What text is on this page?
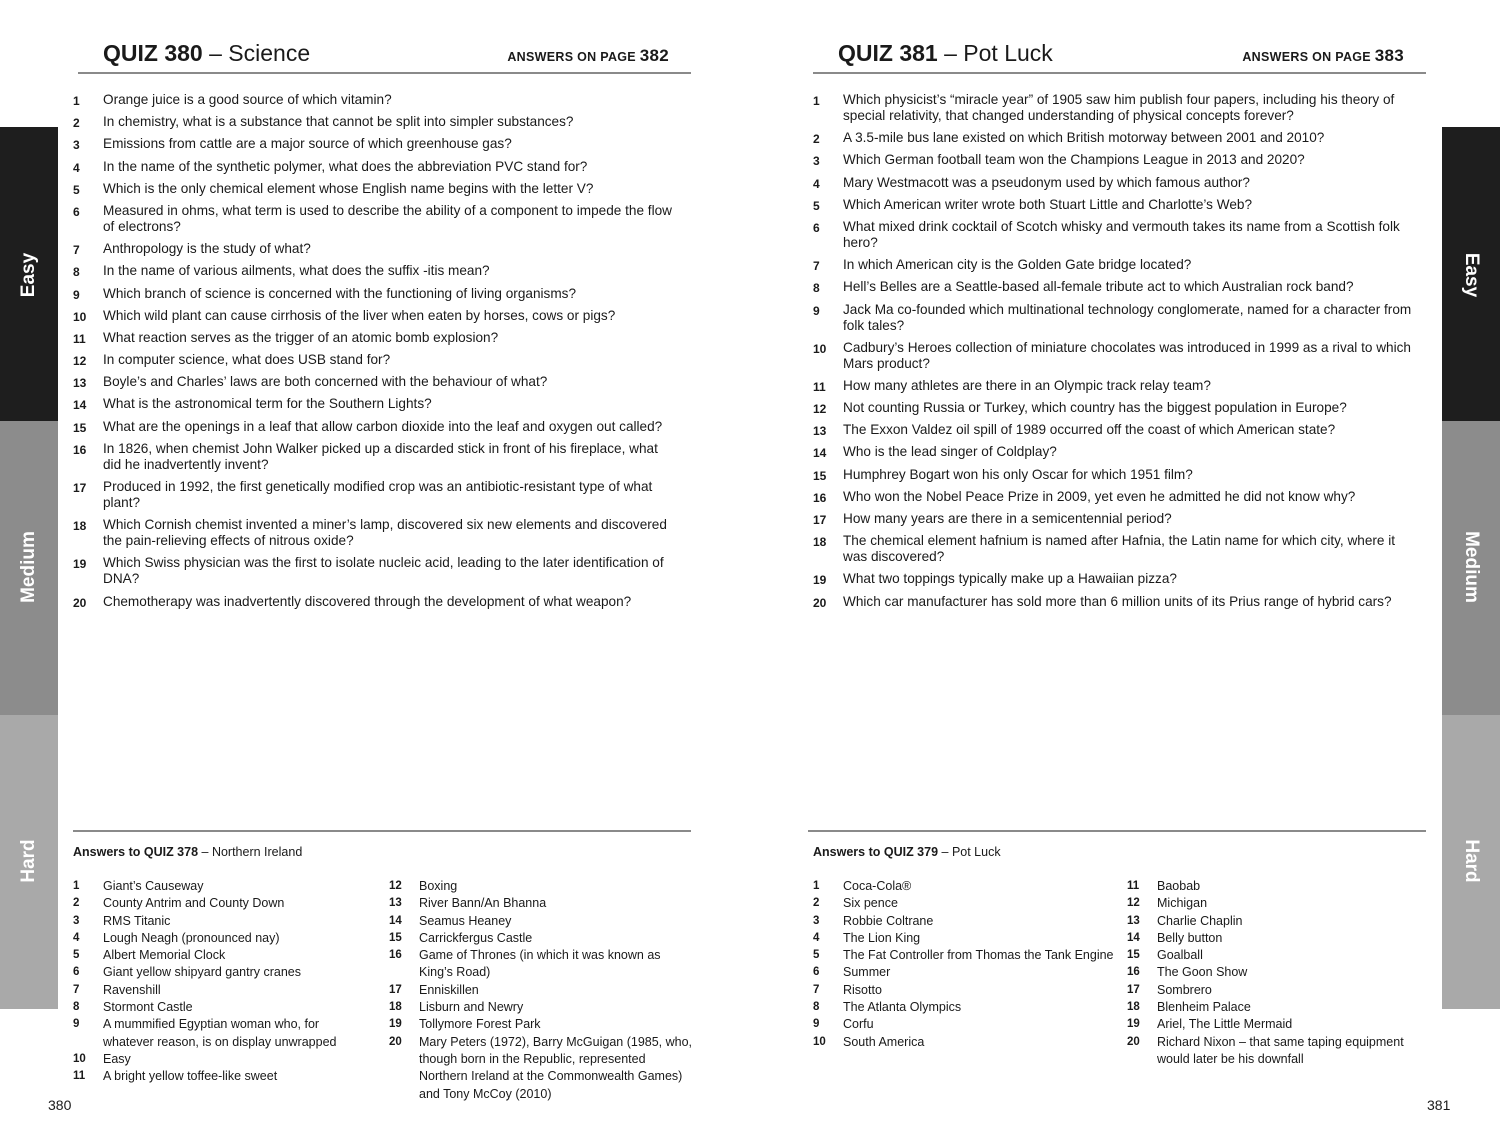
Easy
Medium
Hard
QUIZ 380 – Science	ANSWERS ON PAGE 382
1 Orange juice is a good source of which vitamin?
2 In chemistry, what is a substance that cannot be split into simpler substances?
3 Emissions from cattle are a major source of which greenhouse gas?
4 In the name of the synthetic polymer, what does the abbreviation PVC stand for?
5 Which is the only chemical element whose English name begins with the letter V?
6 Measured in ohms, what term is used to describe the ability of a component to impede the flow of electrons?
7 Anthropology is the study of what?
8 In the name of various ailments, what does the suffix -itis mean?
9 Which branch of science is concerned with the functioning of living organisms?
10 Which wild plant can cause cirrhosis of the liver when eaten by horses, cows or pigs?
11 What reaction serves as the trigger of an atomic bomb explosion?
12 In computer science, what does USB stand for?
13 Boyle’s and Charles’ laws are both concerned with the behaviour of what?
14 What is the astronomical term for the Southern Lights?
15 What are the openings in a leaf that allow carbon dioxide into the leaf and oxygen out called?
16 In 1826, when chemist John Walker picked up a discarded stick in front of his fireplace, what did he inadvertently invent?
17 Produced in 1992, the first genetically modified crop was an antibiotic-resistant type of what plant?
18 Which Cornish chemist invented a miner’s lamp, discovered six new elements and discovered the pain-relieving effects of nitrous oxide?
19 Which Swiss physician was the first to isolate nucleic acid, leading to the later identification of DNA?
20 Chemotherapy was inadvertently discovered through the development of what weapon?
Answers to QUIZ 378 – Northern Ireland
1 Giant’s Causeway
2 County Antrim and County Down
3 RMS Titanic
4 Lough Neagh (pronounced nay)
5 Albert Memorial Clock
6 Giant yellow shipyard gantry cranes
7 Ravenshill
8 Stormont Castle
9 A mummified Egyptian woman who, for whatever reason, is on display unwrapped
10 Easy
11 A bright yellow toffee-like sweet
12 Boxing
13 River Bann/An Bhanna
14 Seamus Heaney
15 Carrickfergus Castle
16 Game of Thrones (in which it was known as King’s Road)
17 Enniskillen
18 Lisburn and Newry
19 Tollymore Forest Park
20 Mary Peters (1972), Barry McGuigan (1985, who, though born in the Republic, represented Northern Ireland at the Commonwealth Games) and Tony McCoy (2010)
380
Easy
Medium
Hard
QUIZ 381 – Pot Luck	ANSWERS ON PAGE 383
1 Which physicist’s “miracle year” of 1905 saw him publish four papers, including his theory of special relativity, that changed understanding of physical concepts forever?
2 A 3.5-mile bus lane existed on which British motorway between 2001 and 2010?
3 Which German football team won the Champions League in 2013 and 2020?
4 Mary Westmacott was a pseudonym used by which famous author?
5 Which American writer wrote both Stuart Little and Charlotte’s Web?
6 What mixed drink cocktail of Scotch whisky and vermouth takes its name from a Scottish folk hero?
7 In which American city is the Golden Gate bridge located?
8 Hell’s Belles are a Seattle-based all-female tribute act to which Australian rock band?
9 Jack Ma co-founded which multinational technology conglomerate, named for a character from folk tales?
10 Cadbury’s Heroes collection of miniature chocolates was introduced in 1999 as a rival to which Mars product?
11 How many athletes are there in an Olympic track relay team?
12 Not counting Russia or Turkey, which country has the biggest population in Europe?
13 The Exxon Valdez oil spill of 1989 occurred off the coast of which American state?
14 Who is the lead singer of Coldplay?
15 Humphrey Bogart won his only Oscar for which 1951 film?
16 Who won the Nobel Peace Prize in 2009, yet even he admitted he did not know why?
17 How many years are there in a semicentennial period?
18 The chemical element hafnium is named after Hafnia, the Latin name for which city, where it was discovered?
19 What two toppings typically make up a Hawaiian pizza?
20 Which car manufacturer has sold more than 6 million units of its Prius range of hybrid cars?
Answers to QUIZ 379 – Pot Luck
1 Coca-Cola®
2 Six pence
3 Robbie Coltrane
4 The Lion King
5 The Fat Controller from Thomas the Tank Engine
6 Summer
7 Risotto
8 The Atlanta Olympics
9 Corfu
10 South America
11 Baobab
12 Michigan
13 Charlie Chaplin
14 Belly button
15 Goalball
16 The Goon Show
17 Sombrero
18 Blenheim Palace
19 Ariel, The Little Mermaid
20 Richard Nixon – that same taping equipment would later be his downfall
381
